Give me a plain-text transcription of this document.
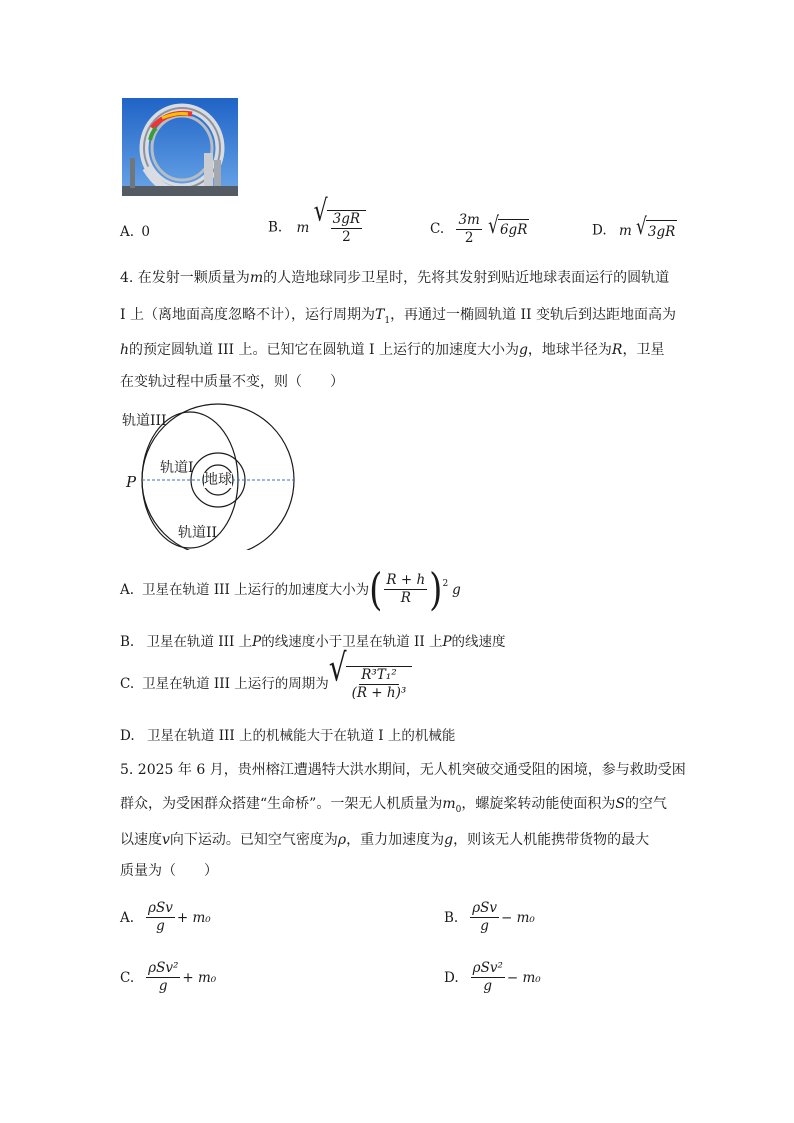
A. 0	B. m √ $\frac{3gR}{2}$	C. $\frac{3m}{2}$
√ 6gR	D. m √ 3gR
4. 在发射一颗质量为m的人造地球同步卫星时，先将其发射到贴近地球表面运行的圆轨道
I 上（离地面高度忽略不计），运行周期为$T_1$，再通过一椭圆轨道 II 变轨后到达距地面高为
h的预定圆轨道 III 上。已知它在圆轨道 I 上运行的加速度大小为g，地球半径为R，卫星
在变轨过程中质量不变，则（　　）
轨道III
轨道I
地球
P
轨道II
A. 卫星在轨道 III 上运行的加速度大小为 ( $\frac{R + h}{R} )^2$ g
B. 卫星在轨道 III 上P的线速度小于卫星在轨道 II 上P的线速度
C. 卫星在轨道 III 上运行的周期为 √ $\frac{\text{R³T₁²}}{\text{(R + h)³}}$
D. 卫星在轨道 III 上的机械能大于在轨道 I 上的机械能
5. 2025 年 6 月，贵州榕江遭遇特大洪水期间，无人机突破交通受阻的困境，参与救助受困
群众，为受困群众搭建“生命桥”。一架无人机质量为$m_0$，螺旋桨转动能使面积为S的空气
以速度v向下运动。已知空气密度为ρ，重力加速度为g，则该无人机能携带货物的最大
质量为（　　）
A. $\frac{\text{ρSv}}{g} + m_0$	B. $\frac{\text{ρSv}}{g} - m_0$
C. $\frac{\text{ρSv²}}{g} + m_0$	D. $\frac{\text{ρSv²}}{g} - m_0$
